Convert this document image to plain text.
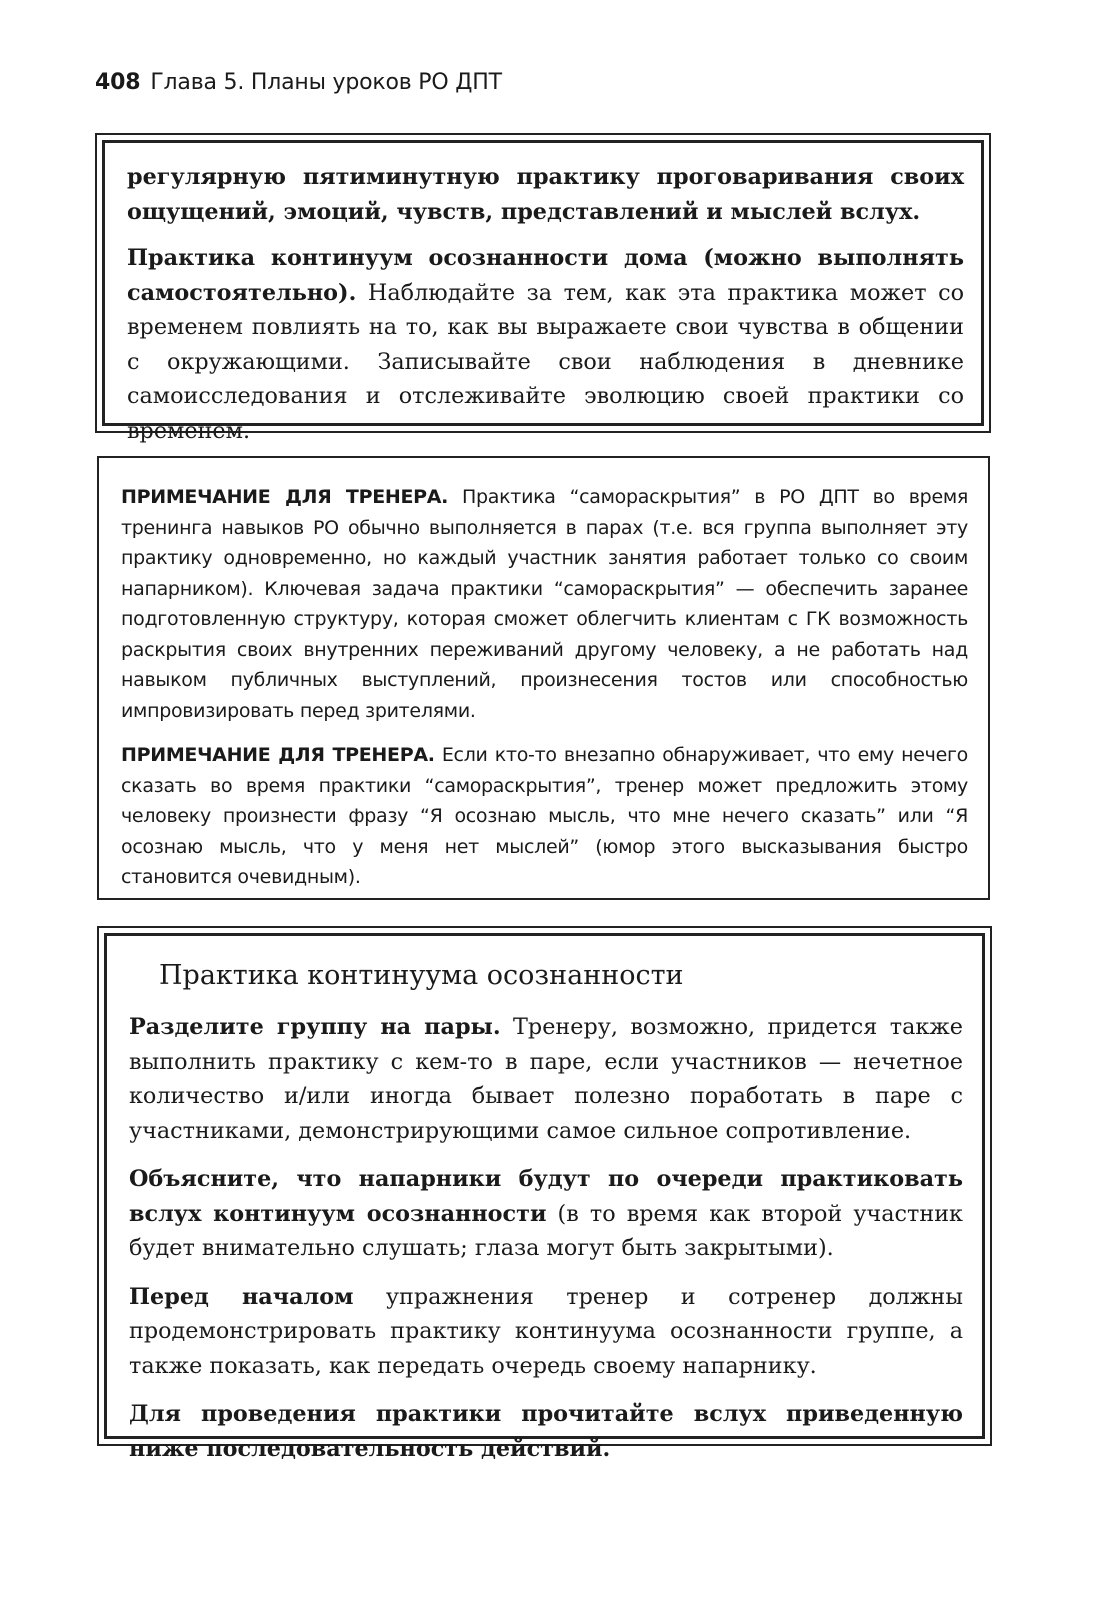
408 Глава 5. Планы уроков РО ДПТ

регулярную пятиминутную практику проговаривания своих ощущений, эмоций, чувств, представлений и мыслей вслух.

Практика континуум осознанности дома (можно выполнять самостоятельно). Наблюдайте за тем, как эта практика может со временем повлиять на то, как вы выражаете свои чувства в общении с окружающими. Записывайте свои наблюдения в дневнике самоисследования и отслеживайте эволюцию своей практики со временем.

ПРИМЕЧАНИЕ ДЛЯ ТРЕНЕРА. Практика “самораскрытия” в РО ДПТ во время тренинга навыков РО обычно выполняется в парах (т.е. вся группа выполняет эту практику одновременно, но каждый участник занятия работает только со своим напарником). Ключевая задача практики “самораскрытия” — обеспечить заранее подготовленную структуру, которая сможет облегчить клиентам с ГК возможность раскрытия своих внутренних переживаний другому человеку, а не работать над навыком публичных выступлений, произнесения тостов или способностью импровизировать перед зрителями.

ПРИМЕЧАНИЕ ДЛЯ ТРЕНЕРА. Если кто-то внезапно обнаруживает, что ему нечего сказать во время практики “самораскрытия”, тренер может предложить этому человеку произнести фразу “Я осознаю мысль, что мне нечего сказать” или “Я осознаю мысль, что у меня нет мыслей” (юмор этого высказывания быстро становится очевидным).

Практика континуума осознанности

Разделите группу на пары. Тренеру, возможно, придется также выполнить практику с кем-то в паре, если участников — нечетное количество и/или иногда бывает полезно поработать в паре с участниками, демонстрирующими самое сильное сопротивление.

Объясните, что напарники будут по очереди практиковать вслух континуум осознанности (в то время как второй участник будет внимательно слушать; глаза могут быть закрытыми).

Перед началом упражнения тренер и сотренер должны продемонстрировать практику континуума осознанности группе, а также показать, как передать очередь своему напарнику.

Для проведения практики прочитайте вслух приведенную ниже последовательность действий.
